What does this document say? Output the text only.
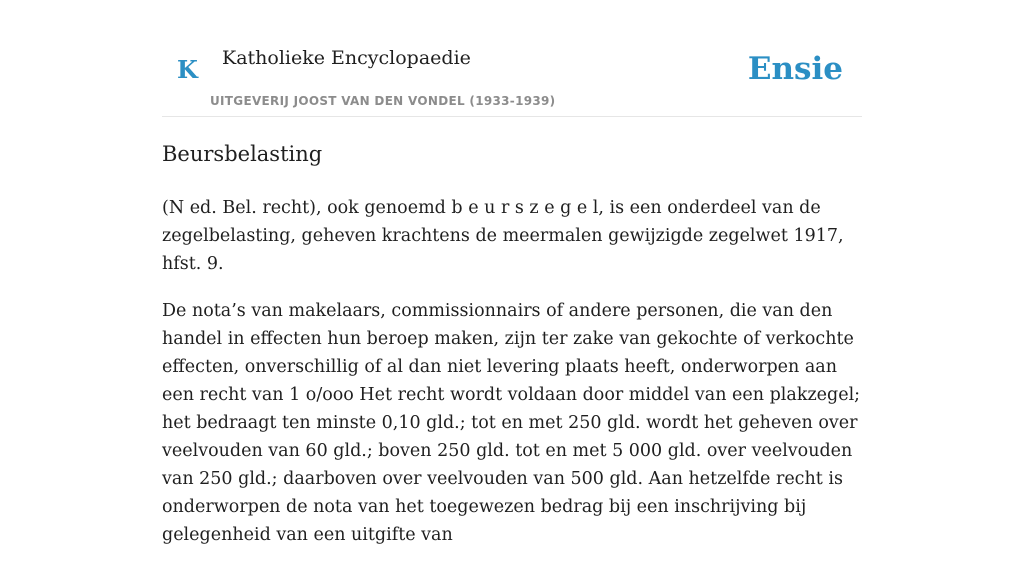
K Katholieke Encyclopaedie
UITGEVERIJ JOOST VAN DEN VONDEL (1933-1939)
Ensie
Beursbelasting

(N ed. Bel. recht), ook genoemd b e u r s z e g e l, is een onderdeel van de zegelbelasting, geheven krachtens de meermalen gewijzigde zegelwet 1917, hfst. 9.

De nota’s van makelaars, commissionnairs of andere personen, die van den handel in effecten hun beroep maken, zijn ter zake van gekochte of verkochte effecten, onverschillig of al dan niet levering plaats heeft, onderworpen aan een recht van 1 o/ooo Het recht wordt voldaan door middel van een plakzegel; het bedraagt ten minste 0,10 gld.; tot en met 250 gld. wordt het geheven over veelvouden van 60 gld.; boven 250 gld. tot en met 5 000 gld. over veelvouden van 250 gld.; daarboven over veelvouden van 500 gld. Aan hetzelfde recht is onderworpen de nota van het toegewezen bedrag bij een inschrijving bij gelegenheid van een uitgifte van
